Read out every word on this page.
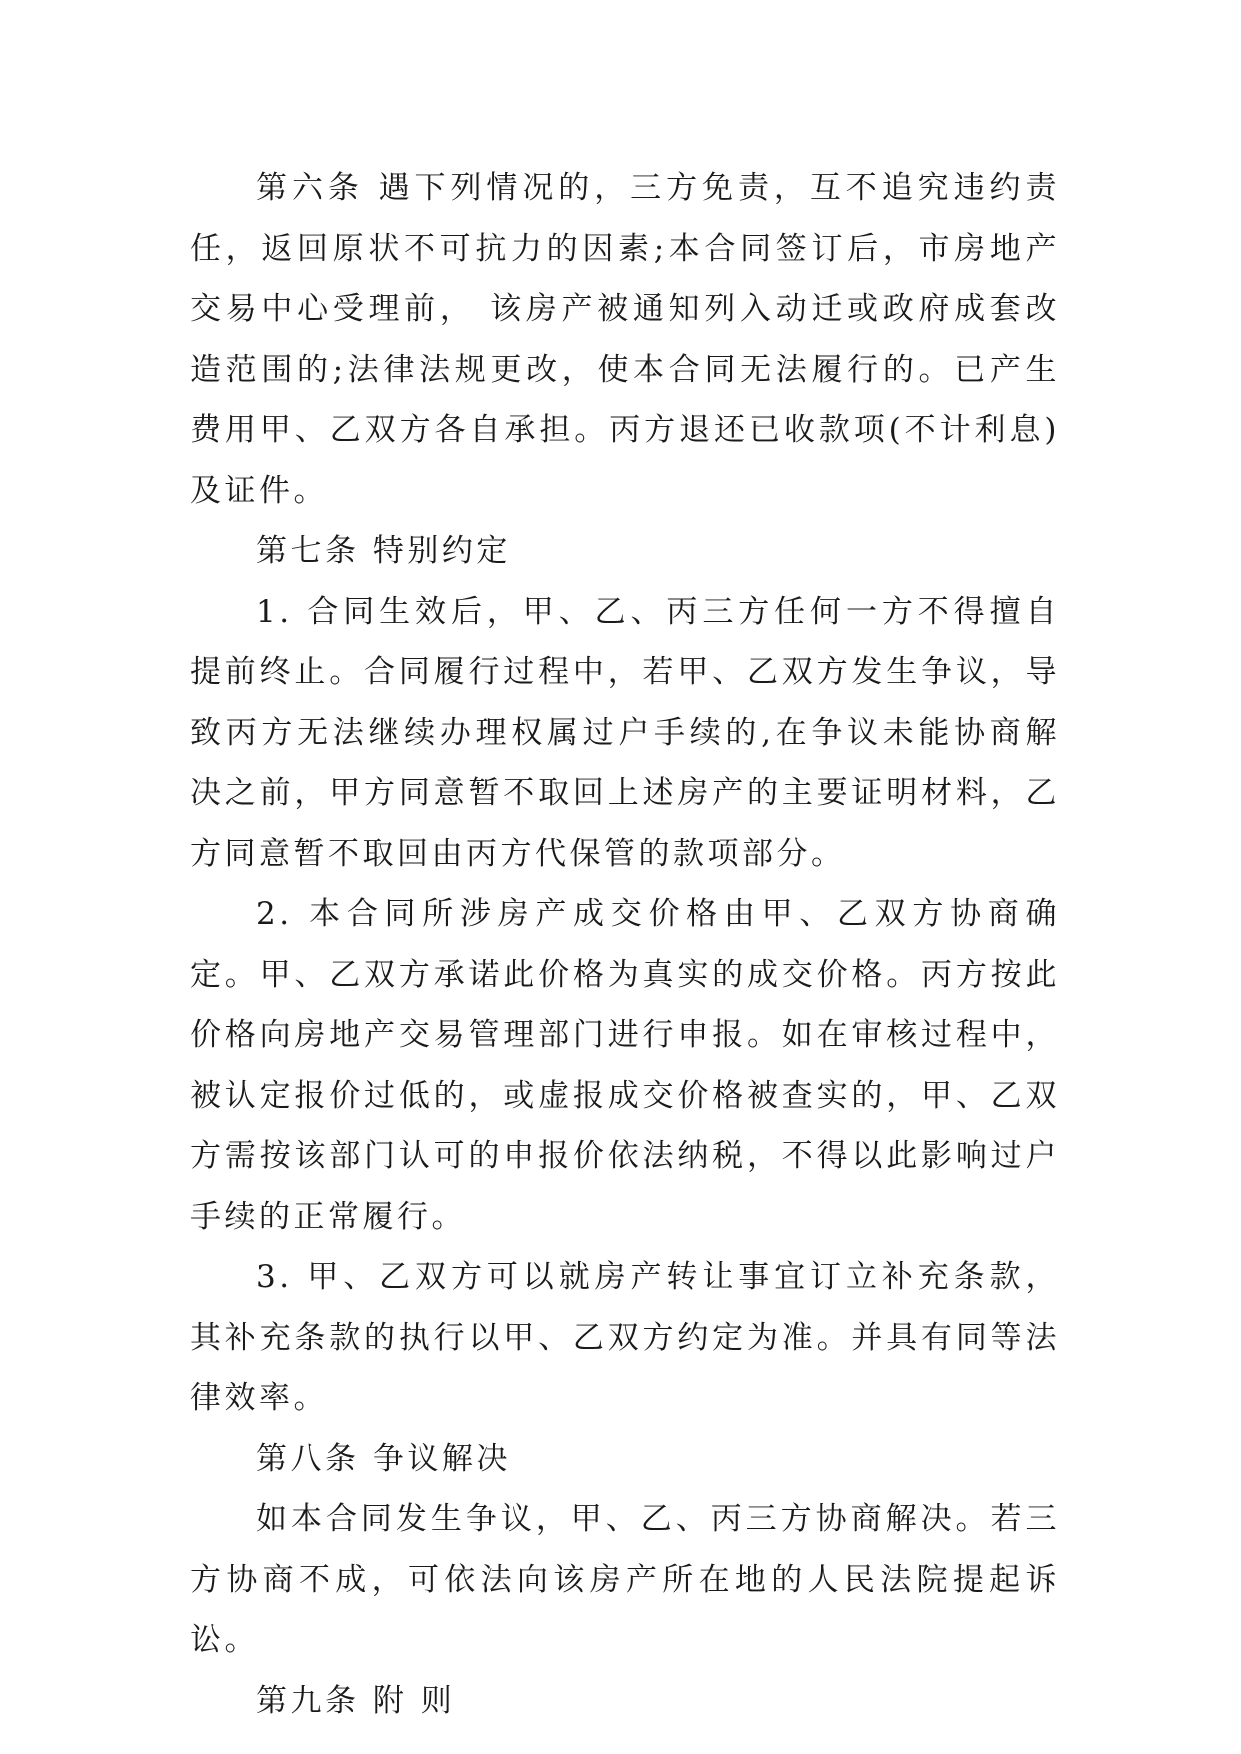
第六条 遇下列情况的，三方免责，互不追究违约责任，返回原状不可抗力的因素;本合同签订后，市房地产交易中心受理前， 该房产被通知列入动迁或政府成套改造范围的;法律法规更改，使本合同无法履行的。已产生费用甲、乙双方各自承担。丙方退还已收款项(不计利息)及证件。

第七条 特别约定

1. 合同生效后，甲、乙、丙三方任何一方不得擅自提前终止。合同履行过程中，若甲、乙双方发生争议，导致丙方无法继续办理权属过户手续的,在争议未能协商解决之前，甲方同意暂不取回上述房产的主要证明材料，乙方同意暂不取回由丙方代保管的款项部分。

2. 本合同所涉房产成交价格由甲、乙双方协商确定。甲、乙双方承诺此价格为真实的成交价格。丙方按此价格向房地产交易管理部门进行申报。如在审核过程中，被认定报价过低的，或虚报成交价格被查实的，甲、乙双方需按该部门认可的申报价依法纳税，不得以此影响过户手续的正常履行。

3. 甲、乙双方可以就房产转让事宜订立补充条款，其补充条款的执行以甲、乙双方约定为准。并具有同等法律效率。

第八条 争议解决

如本合同发生争议，甲、乙、丙三方协商解决。若三方协商不成，可依法向该房产所在地的人民法院提起诉讼。

第九条 附 则
